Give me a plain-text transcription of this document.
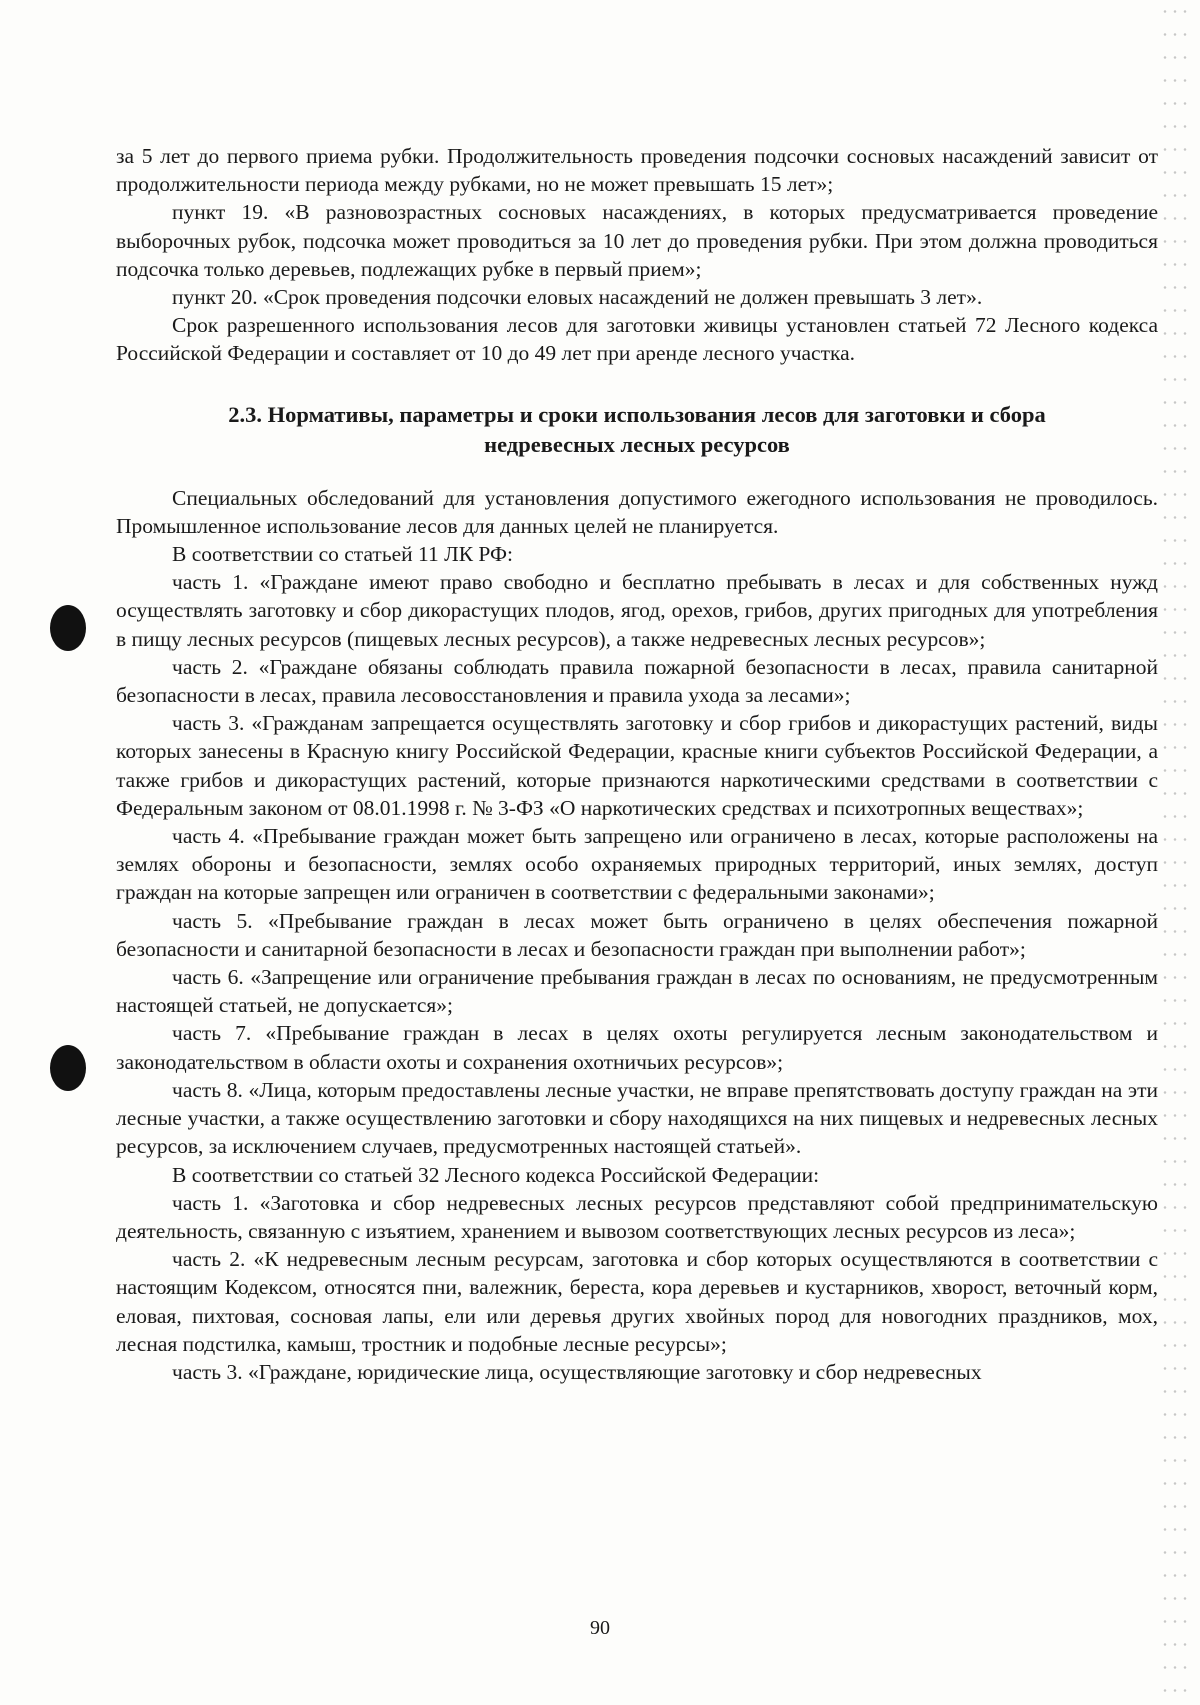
за 5 лет до первого приема рубки. Продолжительность проведения подсочки сосновых насаждений зависит от продолжительности периода между рубками, но не может превышать 15 лет»;

пункт 19. «В разновозрастных сосновых насаждениях, в которых предусматривается проведение выборочных рубок, подсочка может проводиться за 10 лет до проведения рубки. При этом должна проводиться подсочка только деревьев, подлежащих рубке в первый прием»;

пункт 20. «Срок проведения подсочки еловых насаждений не должен превышать 3 лет».

Срок разрешенного использования лесов для заготовки живицы установлен статьей 72 Лесного кодекса Российской Федерации и составляет от 10 до 49 лет при аренде лесного участка.

2.3. Нормативы, параметры и сроки использования лесов для заготовки и сбора
недревесных лесных ресурсов

Специальных обследований для установления допустимого ежегодного использования не проводилось. Промышленное использование лесов для данных целей не планируется.

В соответствии со статьей 11 ЛК РФ:

часть 1. «Граждане имеют право свободно и бесплатно пребывать в лесах и для собственных нужд осуществлять заготовку и сбор дикорастущих плодов, ягод, орехов, грибов, других пригодных для употребления в пищу лесных ресурсов (пищевых лесных ресурсов), а также недревесных лесных ресурсов»;

часть 2. «Граждане обязаны соблюдать правила пожарной безопасности в лесах, правила санитарной безопасности в лесах, правила лесовосстановления и правила ухода за лесами»;

часть 3. «Гражданам запрещается осуществлять заготовку и сбор грибов и дикорастущих растений, виды которых занесены в Красную книгу Российской Федерации, красные книги субъектов Российской Федерации, а также грибов и дикорастущих растений, которые признаются наркотическими средствами в соответствии с Федеральным законом от 08.01.1998 г. № 3-ФЗ «О наркотических средствах и психотропных веществах»;

часть 4. «Пребывание граждан может быть запрещено или ограничено в лесах, которые расположены на землях обороны и безопасности, землях особо охраняемых природных территорий, иных землях, доступ граждан на которые запрещен или ограничен в соответствии с федеральными законами»;

часть 5. «Пребывание граждан в лесах может быть ограничено в целях обеспечения пожарной безопасности и санитарной безопасности в лесах и безопасности граждан при выполнении работ»;

часть 6. «Запрещение или ограничение пребывания граждан в лесах по основаниям, не предусмотренным настоящей статьей, не допускается»;

часть 7. «Пребывание граждан в лесах в целях охоты регулируется лесным законодательством и законодательством в области охоты и сохранения охотничьих ресурсов»;

часть 8. «Лица, которым предоставлены лесные участки, не вправе препятствовать доступу граждан на эти лесные участки, а также осуществлению заготовки и сбору находящихся на них пищевых и недревесных лесных ресурсов, за исключением случаев, предусмотренных настоящей статьей».

В соответствии со статьей 32 Лесного кодекса Российской Федерации:

часть 1. «Заготовка и сбор недревесных лесных ресурсов представляют собой предпринимательскую деятельность, связанную с изъятием, хранением и вывозом соответствующих лесных ресурсов из леса»;

часть 2. «К недревесным лесным ресурсам, заготовка и сбор которых осуществляются в соответствии с настоящим Кодексом, относятся пни, валежник, береста, кора деревьев и кустарников, хворост, веточный корм, еловая, пихтовая, сосновая лапы, ели или деревья других хвойных пород для новогодних праздников, мох, лесная подстилка, камыш, тростник и подобные лесные ресурсы»;

часть 3. «Граждане, юридические лица, осуществляющие заготовку и сбор недревесных

90
